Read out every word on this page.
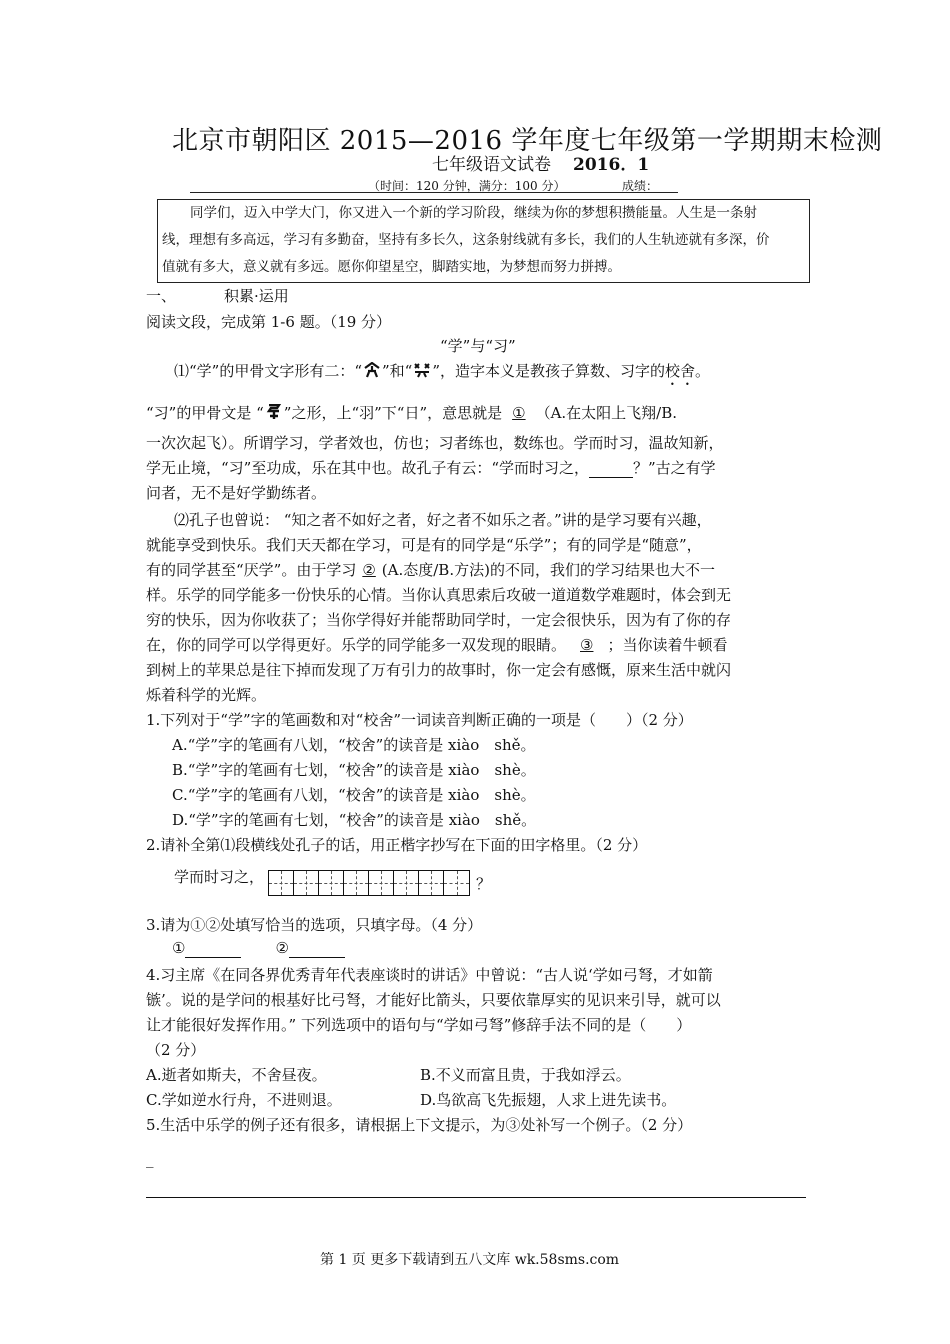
北京市朝阳区 2015—2016 学年度七年级第一学期期末检测
七年级语文试卷 2016．1
（时间：120 分钟，满分：100 分）	成绩：
同学们，迈入中学大门，你又进入一个新的学习阶段，继续为你的梦想积攒能量。人生是一条射
线，理想有多高远，学习有多勤奋，坚持有多长久，这条射线就有多长，我们的人生轨迹就有多深，价
值就有多大，意义就有多远。愿你仰望星空，脚踏实地，为梦想而努力拼搏。
一、	积累·运用
阅读文段，完成第 1-6 题。（19 分）
“学”与“习”
⑴“学”的甲骨文字形有二：“ ”和“ ”，造字本义是教孩子算数、习字的校舍。
“习”的甲骨文是 “ ”之形，上“羽”下“日”，意思就是 ① （A.在太阳上飞翔/B.
一次次起飞）。所谓学习，学者效也，仿也；习者练也，数练也。学而时习，温故知新，
学无止境，“习”至功成，乐在其中也。故孔子有云：“学而时习之，	？”古之有学
问者，无不是好学勤练者。
⑵孔子也曾说： “知之者不如好之者，好之者不如乐之者。”讲的是学习要有兴趣，
就能享受到快乐。我们天天都在学习，可是有的同学是“乐学”；有的同学是“随意”，
有的同学甚至“厌学”。由于学习 ② (A.态度/B.方法)的不同，我们的学习结果也大不一
样。乐学的同学能多一份快乐的心情。当你认真思索后攻破一道道数学难题时，体会到无
穷的快乐，因为你收获了；当你学得好并能帮助同学时，一定会很快乐，因为有了你的存
在，你的同学可以学得更好。乐学的同学能多一双发现的眼睛。 ③ ；当你读着牛顿看
到树上的苹果总是往下掉而发现了万有引力的故事时，你一定会有感慨，原来生活中就闪
烁着科学的光辉。
1.下列对于“学”字的笔画数和对“校舍”一词读音判断正确的一项是（　　）（2 分）
A.“学”字的笔画有八划，“校舍”的读音是 xiào　shě。
B.“学”字的笔画有七划，“校舍”的读音是 xiào　shè。
C.“学”字的笔画有八划，“校舍”的读音是 xiào　shè。
D.“学”字的笔画有七划，“校舍”的读音是 xiào　shě。
2.请补全第⑴段横线处孔子的话，用正楷字抄写在下面的田字格里。（2 分）
学而时习之，	？
3.请为①②处填写恰当的选项，只填字母。（4 分）
①	②
4.习主席《在同各界优秀青年代表座谈时的讲话》中曾说：“古人说‘学如弓弩，才如箭
镞’。说的是学问的根基好比弓弩，才能好比箭头，只要依靠厚实的见识来引导，就可以
让才能很好发挥作用。” 下列选项中的语句与“学如弓弩”修辞手法不同的是（　　）
（2 分）
A.逝者如斯夫，不舍昼夜。	B.不义而富且贵，于我如浮云。
C.学如逆水行舟，不进则退。	D.鸟欲高飞先振翅，人求上进先读书。
5.生活中乐学的例子还有很多，请根据上下文提示，为③处补写一个例子。（2 分）
_
第 1 页 更多下载请到五八文库 wk.58sms.com
